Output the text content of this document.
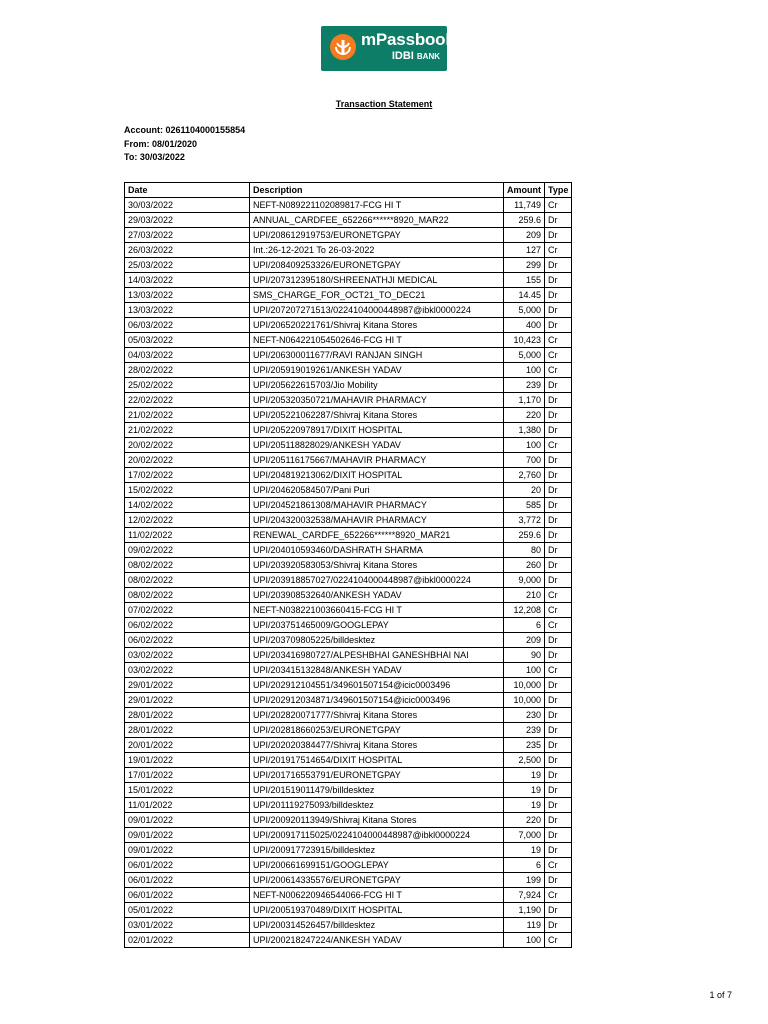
mPassbook
IDBI BANK
Transaction Statement
Account: 0261104000155854
From: 08/01/2020
To: 30/03/2022
Date	Description	Amount	Type
30/03/2022	NEFT-N089221102089817-FCG HI T	11,749	Cr
29/03/2022	ANNUAL_CARDFEE_652266******8920_MAR22	259.6	Dr
27/03/2022	UPI/208612919753/EURONETGPAY	209	Dr
26/03/2022	Int.:26-12-2021 To 26-03-2022	127	Cr
25/03/2022	UPI/208409253326/EURONETGPAY	299	Dr
14/03/2022	UPI/207312395180/SHREENATHJI MEDICAL	155	Dr
13/03/2022	SMS_CHARGE_FOR_OCT21_TO_DEC21	14.45	Dr
13/03/2022	UPI/207207271513/0224104000448987@ibkl0000224	5,000	Dr
06/03/2022	UPI/206520221761/Shivraj Kitana Stores	400	Dr
05/03/2022	NEFT-N064221054502646-FCG HI T	10,423	Cr
04/03/2022	UPI/206300011677/RAVI RANJAN SINGH	5,000	Cr
28/02/2022	UPI/205919019261/ANKESH YADAV	100	Cr
25/02/2022	UPI/205622615703/Jio Mobility	239	Dr
22/02/2022	UPI/205320350721/MAHAVIR PHARMACY	1,170	Dr
21/02/2022	UPI/205221062287/Shivraj Kitana Stores	220	Dr
21/02/2022	UPI/205220978917/DIXIT HOSPITAL	1,380	Dr
20/02/2022	UPI/205118828029/ANKESH YADAV	100	Cr
20/02/2022	UPI/205116175667/MAHAVIR PHARMACY	700	Dr
17/02/2022	UPI/204819213062/DIXIT HOSPITAL	2,760	Dr
15/02/2022	UPI/204620584507/Pani Puri	20	Dr
14/02/2022	UPI/204521861308/MAHAVIR PHARMACY	585	Dr
12/02/2022	UPI/204320032538/MAHAVIR PHARMACY	3,772	Dr
11/02/2022	RENEWAL_CARDFE_652266******8920_MAR21	259.6	Dr
09/02/2022	UPI/204010593460/DASHRATH SHARMA	80	Dr
08/02/2022	UPI/203920583053/Shivraj Kitana Stores	260	Dr
08/02/2022	UPI/203918857027/0224104000448987@ibkl0000224	9,000	Dr
08/02/2022	UPI/203908532640/ANKESH YADAV	210	Cr
07/02/2022	NEFT-N038221003660415-FCG HI T	12,208	Cr
06/02/2022	UPI/203751465009/GOOGLEPAY	6	Cr
06/02/2022	UPI/203709805225/billdesktez	209	Dr
03/02/2022	UPI/203416980727/ALPESHBHAI GANESHBHAI NAI	90	Dr
03/02/2022	UPI/203415132848/ANKESH YADAV	100	Cr
29/01/2022	UPI/202912104551/349601507154@icic0003496	10,000	Dr
29/01/2022	UPI/202912034871/349601507154@icic0003496	10,000	Dr
28/01/2022	UPI/202820071777/Shivraj Kitana Stores	230	Dr
28/01/2022	UPI/202818660253/EURONETGPAY	239	Dr
20/01/2022	UPI/202020384477/Shivraj Kitana Stores	235	Dr
19/01/2022	UPI/201917514654/DIXIT HOSPITAL	2,500	Dr
17/01/2022	UPI/201716553791/EURONETGPAY	19	Dr
15/01/2022	UPI/201519011479/billdesktez	19	Dr
11/01/2022	UPI/201119275093/billdesktez	19	Dr
09/01/2022	UPI/200920113949/Shivraj Kitana Stores	220	Dr
09/01/2022	UPI/200917115025/0224104000448987@ibkl0000224	7,000	Dr
09/01/2022	UPI/200917723915/billdesktez	19	Dr
06/01/2022	UPI/200661699151/GOOGLEPAY	6	Cr
06/01/2022	UPI/200614335576/EURONETGPAY	199	Dr
06/01/2022	NEFT-N006220946544066-FCG HI T	7,924	Cr
05/01/2022	UPI/200519370489/DIXIT HOSPITAL	1,190	Dr
03/01/2022	UPI/200314526457/billdesktez	119	Dr
02/01/2022	UPI/200218247224/ANKESH YADAV	100	Cr
1 of 7
